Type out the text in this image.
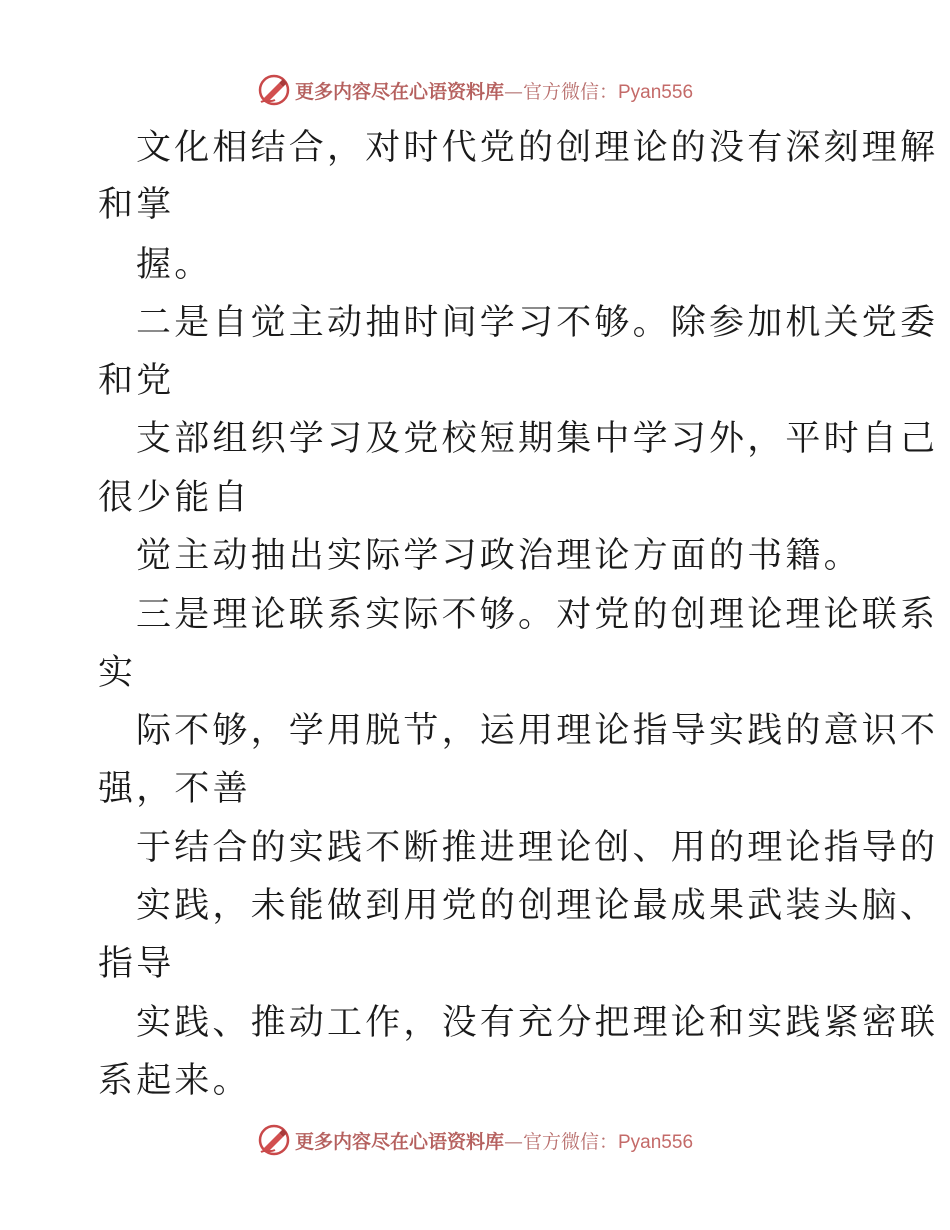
更多内容尽在心语资料库—官方微信：Pyan556
文化相结合，对时代党的创理论的没有深刻理解
和掌
握。
二是自觉主动抽时间学习不够。除参加机关党委
和党
支部组织学习及党校短期集中学习外，平时自己
很少能自
觉主动抽出实际学习政治理论方面的书籍。
三是理论联系实际不够。对党的创理论理论联系
实
际不够，学用脱节，运用理论指导实践的意识不
强，不善
于结合的实践不断推进理论创、用的理论指导的
实践，未能做到用党的创理论最成果武装头脑、
指导
实践、推动工作，没有充分把理论和实践紧密联
系起来。
更多内容尽在心语资料库—官方微信：Pyan556
